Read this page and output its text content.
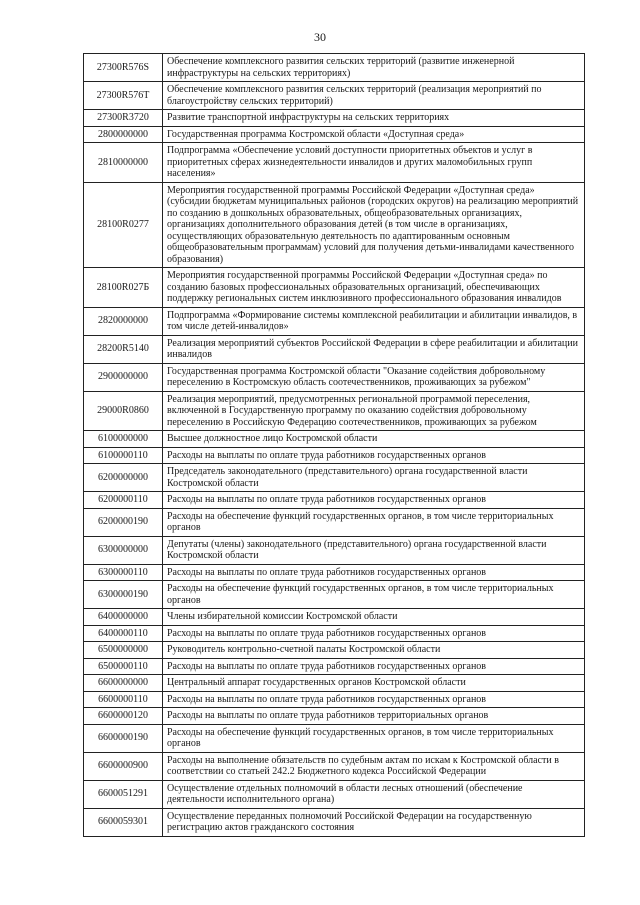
30
27300R576S	Обеспечение комплексного развития сельских территорий (развитие инженерной инфраструктуры на сельских территориях)
27300R576T	Обеспечение комплексного развития сельских территорий (реализация мероприятий по благоустройству сельских территорий)
27300R3720	Развитие транспортной инфраструктуры на сельских территориях
2800000000	Государственная программа Костромской области «Доступная среда»
2810000000	Подпрограмма «Обеспечение условий доступности приоритетных объектов и услуг в приоритетных сферах жизнедеятельности инвалидов и других маломобильных групп населения»
28100R0277	Мероприятия государственной программы Российской Федерации «Доступная среда» (субсидии бюджетам муниципальных районов (городских округов) на реализацию мероприятий по созданию в дошкольных образовательных, общеобразовательных организациях, организациях дополнительного образования детей (в том числе в организациях, осуществляющих образовательную деятельность по адаптированным основным общеобразовательным программам) условий для получения детьми-инвалидами качественного образования)
28100R027Б	Мероприятия государственной программы Российской Федерации «Доступная среда» по созданию базовых профессиональных образовательных организаций, обеспечивающих поддержку региональных систем инклюзивного профессионального образования инвалидов
2820000000	Подпрограмма «Формирование системы комплексной реабилитации и абилитации инвалидов, в том числе детей-инвалидов»
28200R5140	Реализация мероприятий субъектов Российской Федерации в сфере реабилитации и абилитации инвалидов
2900000000	Государственная программа Костромской области "Оказание содействия добровольному переселению в Костромскую область соотечественников, проживающих за рубежом"
29000R0860	Реализация мероприятий, предусмотренных региональной программой переселения, включенной в Государственную программу по оказанию содействия добровольному переселению в Российскую Федерацию соотечественников, проживающих за рубежом
6100000000	Высшее должностное лицо Костромской области
6100000110	Расходы на выплаты по оплате труда работников государственных органов
6200000000	Председатель законодательного (представительного) органа государственной власти Костромской области
6200000110	Расходы на выплаты по оплате труда работников государственных органов
6200000190	Расходы на обеспечение функций государственных органов, в том числе территориальных органов
6300000000	Депутаты (члены) законодательного (представительного) органа государственной власти Костромской области
6300000110	Расходы на выплаты по оплате труда работников государственных органов
6300000190	Расходы на обеспечение функций государственных органов, в том числе территориальных органов
6400000000	Члены избирательной комиссии Костромской области
6400000110	Расходы на выплаты по оплате труда работников государственных органов
6500000000	Руководитель контрольно-счетной палаты Костромской области
6500000110	Расходы на выплаты по оплате труда работников государственных органов
6600000000	Центральный аппарат государственных органов Костромской области
6600000110	Расходы на выплаты по оплате труда работников государственных органов
6600000120	Расходы на выплаты по оплате труда работников территориальных органов
6600000190	Расходы на обеспечение функций государственных органов, в том числе территориальных органов
6600000900	Расходы на выполнение обязательств по судебным актам по искам к Костромской области в соответствии со статьей 242.2 Бюджетного кодекса Российской Федерации
6600051291	Осуществление отдельных полномочий в области лесных отношений (обеспечение деятельности исполнительного органа)
6600059301	Осуществление переданных полномочий Российской Федерации на государственную регистрацию актов гражданского состояния
